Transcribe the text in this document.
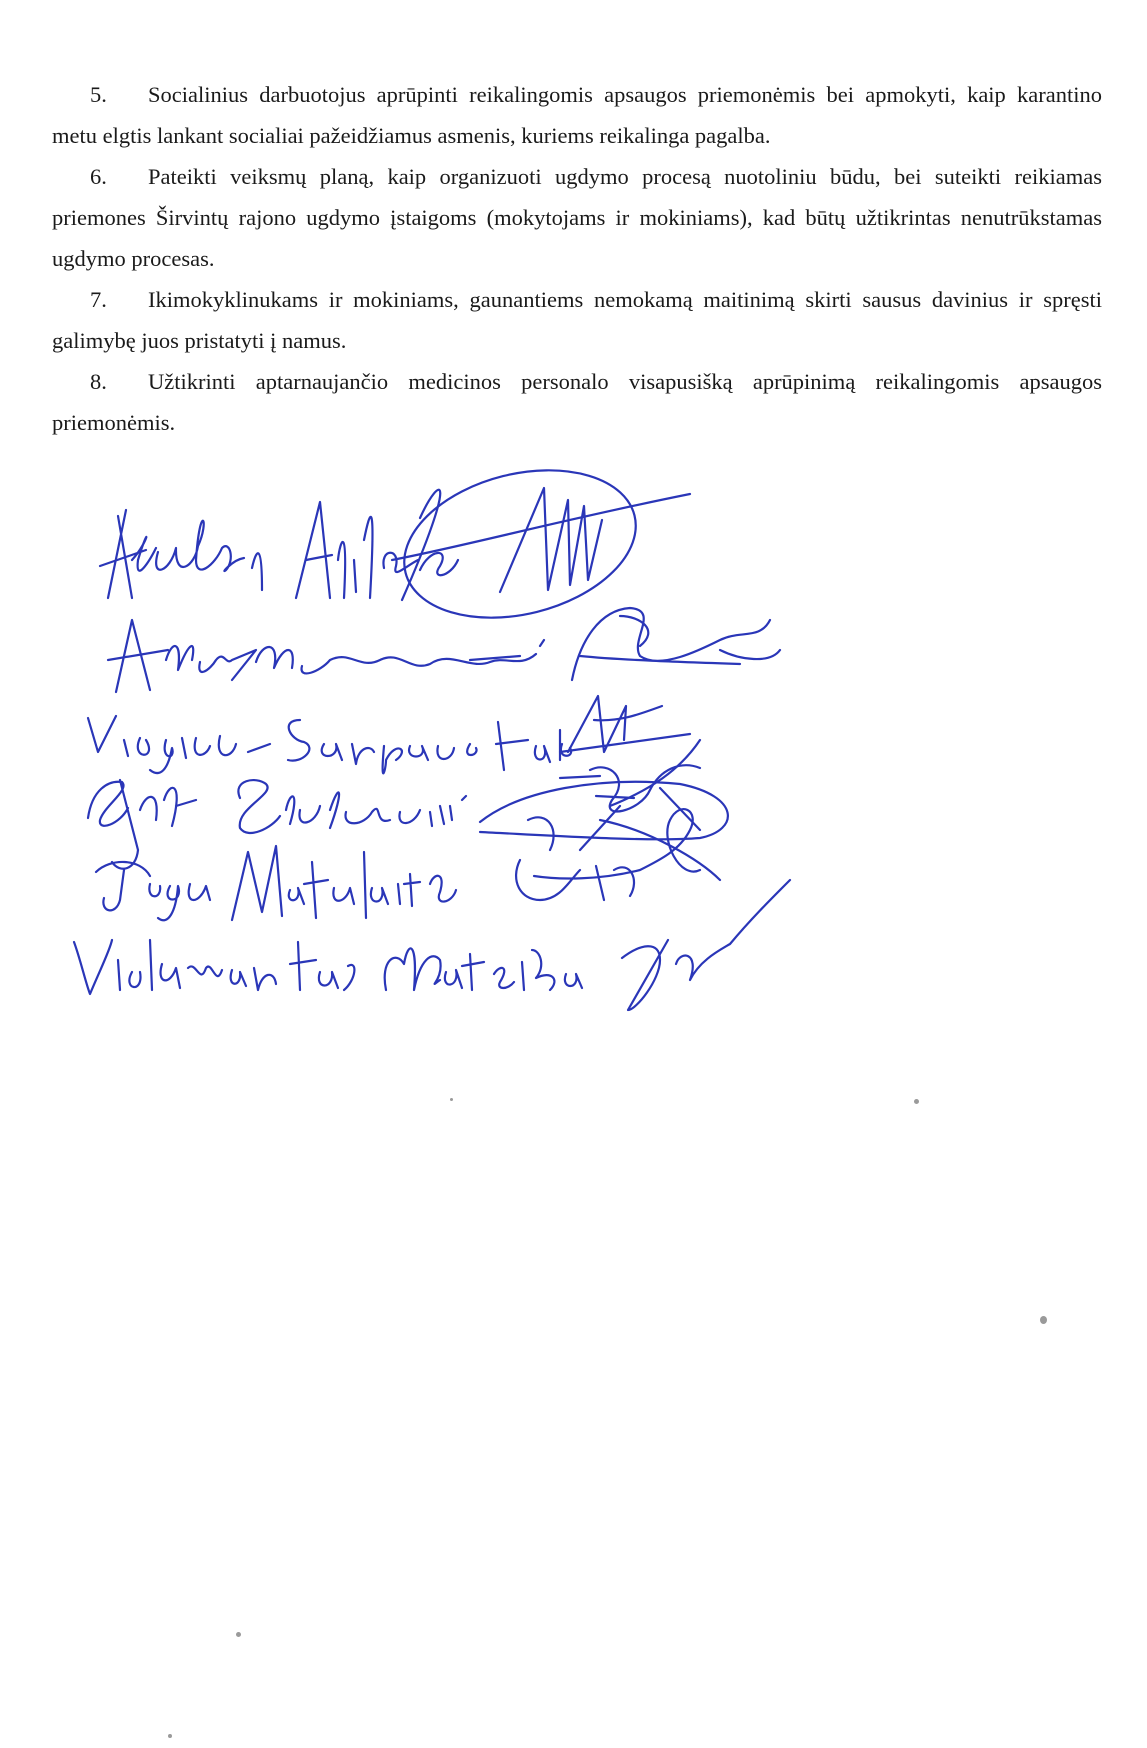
5. Socialinius darbuotojus aprūpinti reikalingomis apsaugos priemonėmis bei apmokyti, kaip karantino metu elgtis lankant socialiai pažeidžiamus asmenis, kuriems reikalinga pagalba.

6. Pateikti veiksmų planą, kaip organizuoti ugdymo procesą nuotoliniu būdu, bei suteikti reikiamas priemones Širvintų rajono ugdymo įstaigoms (mokytojams ir mokiniams), kad būtų užtikrintas nenutrūkstamas ugdymo procesas.

7. Ikimokyklinukams ir mokiniams, gaunantiems nemokamą maitinimą skirti sausus davinius ir spręsti galimybę juos pristatyti į namus.

8. Užtikrinti aptarnaujančio medicinos personalo visapusišką aprūpinimą reikalingomis apsaugos priemonėmis.
